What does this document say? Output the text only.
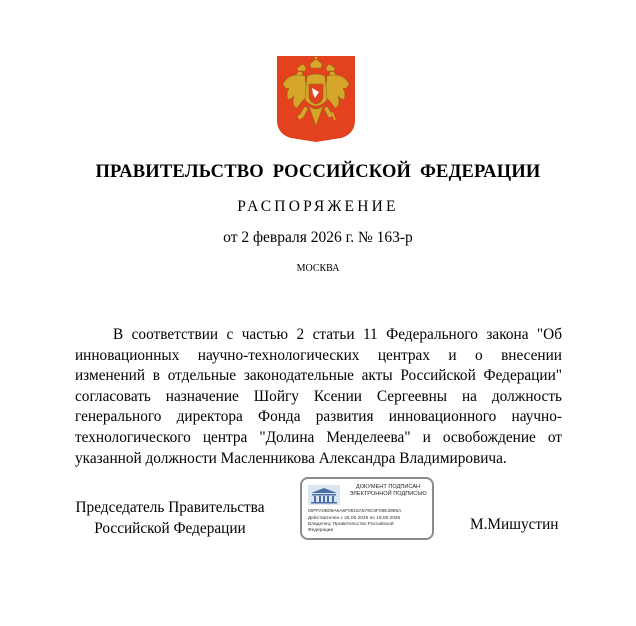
ПРАВИТЕЛЬСТВО РОССИЙСКОЙ ФЕДЕРАЦИИ
РАСПОРЯЖЕНИЕ
от 2 февраля 2026 г. № 163-р
МОСКВА

В соответствии с частью 2 статьи 11 Федерального закона "Об инновационных научно-технологических центрах и о внесении изменений в отдельные законодательные акты Российской Федерации" согласовать назначение Шойгу Ксении Сергеевны на должность генерального директора Фонда развития инновационного научно-технологического центра "Долина Менделеева" и освобождение от указанной должности Масленникова Александра Владимировича.

Председатель Правительства
Российской Федерации
ДОКУМЕНТ ПОДПИСАН
ЭЛЕКТРОННОЙ ПОДПИСЬЮ
00FFA0B09A6A6F0915A579C5F09E3985A
Действителен с 26.06.2025 по 19.09.2026
Владелец: Правительство Российской
Федерации	М.Мишустин
